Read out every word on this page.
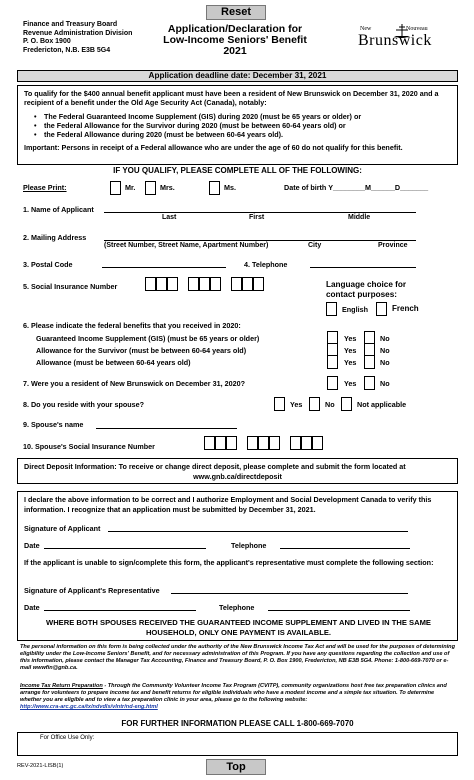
Reset
Finance and Treasury Board
Revenue Administration Division
P. O. Box 1900
Fredericton, N.B. E3B 5G4
Application/Declaration for
Low-Income Seniors' Benefit
2021
New	Nouveau
Brunswick
Application deadline date: December 31, 2021
To qualify for the $400 annual benefit applicant must have been a resident of New Brunswick on December 31, 2020 and a recipient of a benefit under the Old Age Security Act (Canada), notably:
• The Federal Guaranteed Income Supplement (GIS) during 2020 (must be 65 years or older) or
• the Federal Allowance for the Survivor during 2020 (must be between 60-64 years old) or
• the Federal Allowance during 2020 (must be between 60-64 years old).
Important: Persons in receipt of a Federal allowance who are under the age of 60 do not qualify for this benefit.
IF YOU QUALIFY, PLEASE COMPLETE ALL OF THE FOLLOWING:
Please Print:	Mr.	Mrs.	Ms.	Date of birth Y________M______D_______
1. Name of Applicant
Last	First	Middle
2. Mailing Address
(Street Number, Street Name, Apartment Number)	City	Province
3. Postal Code	4. Telephone
5. Social Insurance Number	Language choice for contact purposes:
English	French
6. Please indicate the federal benefits that you received in 2020:
Guaranteed Income Supplement (GIS) (must be 65 years or older)	Yes	No
Allowance for the Survivor (must be between 60-64 years old)	Yes	No
Allowance (must be between 60-64 years old)	Yes	No
7. Were you a resident of New Brunswick on December 31, 2020?	Yes	No
8. Do you reside with your spouse?	Yes	No	Not applicable
9. Spouse's name
10. Spouse's Social Insurance Number
Direct Deposit Information: To receive or change direct deposit, please complete and submit the form located at
www.gnb.ca/directdeposit
I declare the above information to be correct and I authorize Employment and Social Development Canada to verify this information. I recognize that an application must be submitted by December 31, 2021.
Signature of Applicant
Date	Telephone
If the applicant is unable to sign/complete this form, the applicant's representative must complete the following section:
Signature of Applicant's Representative
Date	Telephone
WHERE BOTH SPOUSES RECEIVED THE GUARANTEED INCOME SUPPLEMENT AND LIVED IN THE SAME
HOUSEHOLD, ONLY ONE PAYMENT IS AVAILABLE.
The personal information on this form is being collected under the authority of the New Brunswick Income Tax Act and will be used for the purposes of determining eligibility under the Low-Income Seniors' Benefit, and for necessary administration of this Program. If you have any questions regarding the collection and use of this information, please contact the Manager Tax Accounting, Finance and Treasury Board, P. O. Box 1900, Fredericton, NB E3B 5G4. Phone: 1-800-669-7070 or e-mail wwwfin@gnb.ca.
Income Tax Return Preparation - Through the Community Volunteer Income Tax Program (CVITP), community organizations host free tax preparation clinics and arrange for volunteers to prepare income tax and benefit returns for eligible individuals who have a modest income and a simple tax situation. To determine whether you are eligible and to view a tax preparation clinic in your area, please go to the following website:
http://www.cra-arc.gc.ca/tx/ndvdls/vlntr/nd-eng.html
FOR FURTHER INFORMATION PLEASE CALL 1-800-669-7070
For Office Use Only:
REV-2021-LISB(1)	Top
